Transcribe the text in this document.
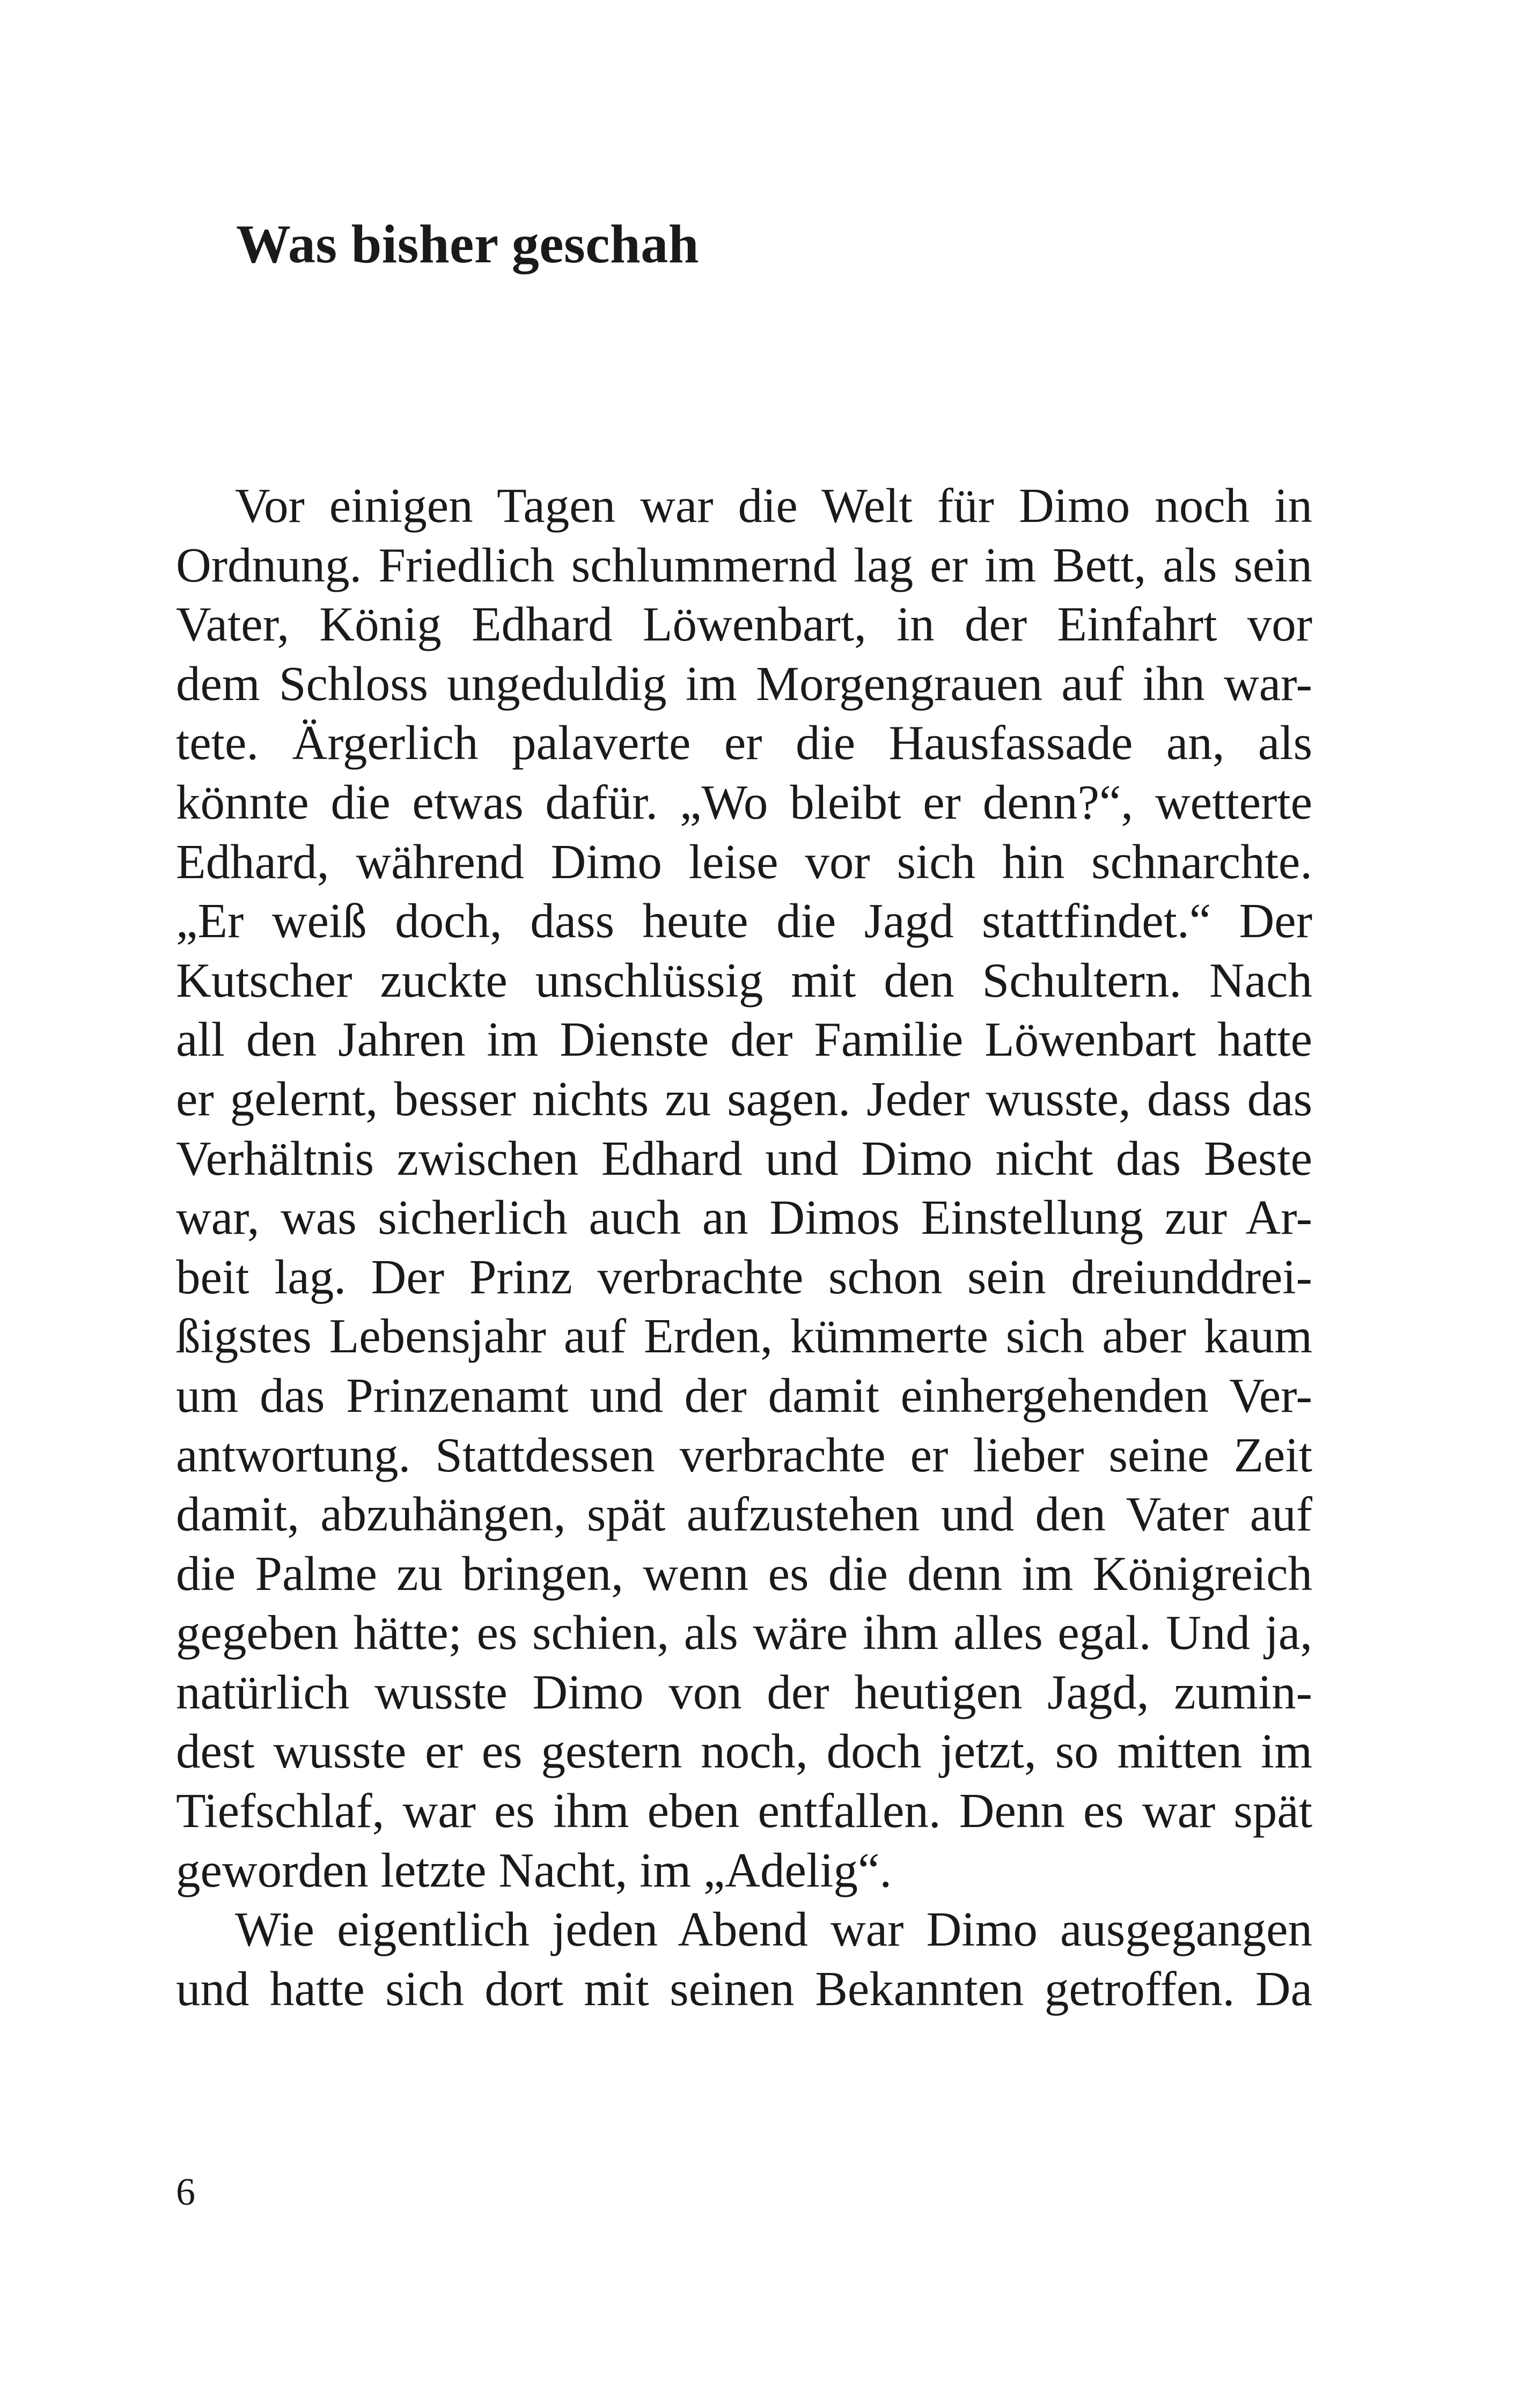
Was bisher geschah
Vor einigen Tagen war die Welt für Dimo noch in
Ordnung. Friedlich schlummernd lag er im Bett, als sein
Vater, König Edhard Löwenbart, in der Einfahrt vor
dem Schloss ungeduldig im Morgengrauen auf ihn war-
tete. Ärgerlich palaverte er die Hausfassade an, als
könnte die etwas dafür. „Wo bleibt er denn?“, wetterte
Edhard, während Dimo leise vor sich hin schnarchte.
„Er weiß doch, dass heute die Jagd stattfindet.“ Der
Kutscher zuckte unschlüssig mit den Schultern. Nach
all den Jahren im Dienste der Familie Löwenbart hatte
er gelernt, besser nichts zu sagen. Jeder wusste, dass das
Verhältnis zwischen Edhard und Dimo nicht das Beste
war, was sicherlich auch an Dimos Einstellung zur Ar-
beit lag. Der Prinz verbrachte schon sein dreiunddrei-
ßigstes Lebensjahr auf Erden, kümmerte sich aber kaum
um das Prinzenamt und der damit einhergehenden Ver-
antwortung. Stattdessen verbrachte er lieber seine Zeit
damit, abzuhängen, spät aufzustehen und den Vater auf
die Palme zu bringen, wenn es die denn im Königreich
gegeben hätte; es schien, als wäre ihm alles egal. Und ja,
natürlich wusste Dimo von der heutigen Jagd, zumin-
dest wusste er es gestern noch, doch jetzt, so mitten im
Tiefschlaf, war es ihm eben entfallen. Denn es war spät
geworden letzte Nacht, im „Adelig“.
Wie eigentlich jeden Abend war Dimo ausgegangen
und hatte sich dort mit seinen Bekannten getroffen. Da
6
